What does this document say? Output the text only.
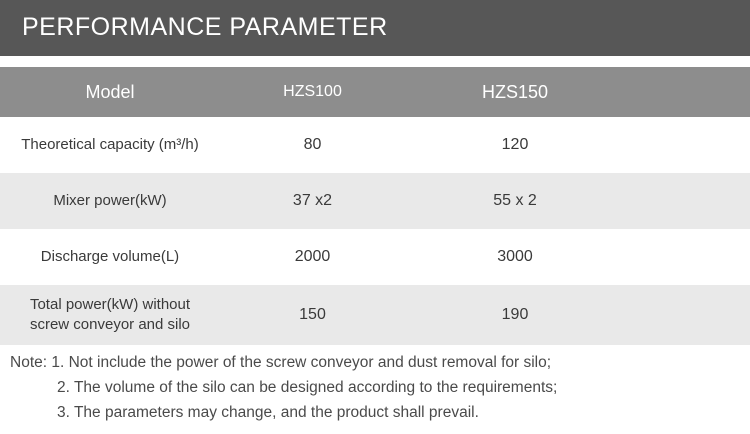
PERFORMANCE PARAMETER
Model	HZS100	HZS150	
Theoretical capacity (m³/h)	80	120	
Mixer power(kW)	37 x2	55 x 2	
Discharge volume(L)	2000	3000	

Total power(kW) without
screw conveyor and silo	150	190	
Note: 1. Not include the power of the screw conveyor and dust removal for silo;
2. The volume of the silo can be designed according to the requirements;
3. The parameters may change, and the product shall prevail.
